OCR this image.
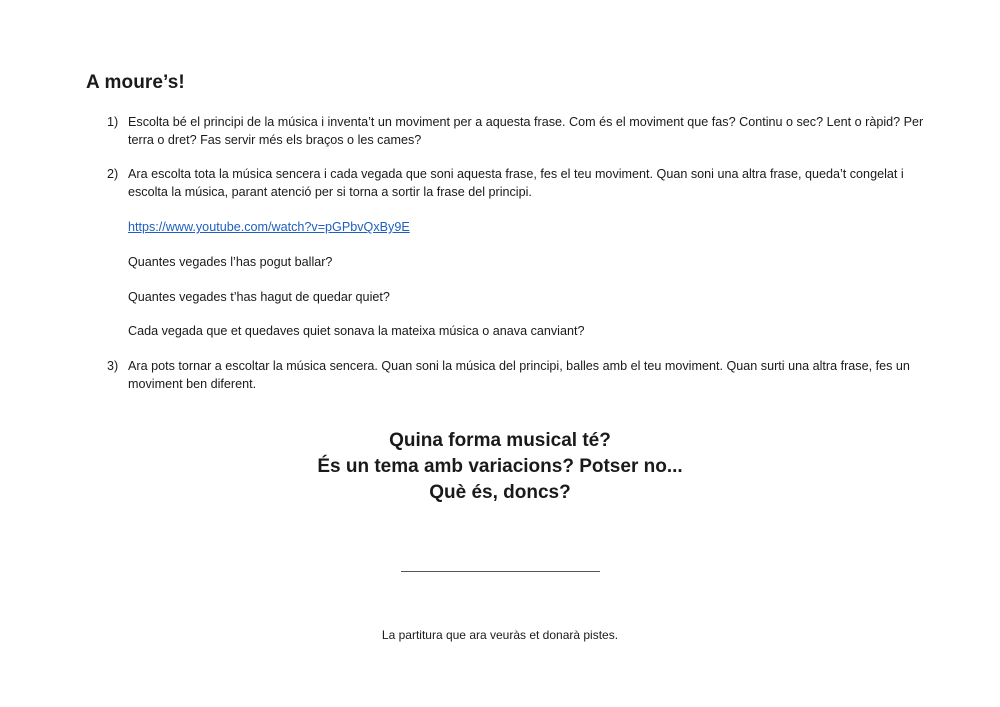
A moure’s!
1) Escolta bé el principi de la música i inventa’t un moviment per a aquesta frase. Com és el moviment que fas? Continu o sec? Lent o ràpid? Per terra o dret? Fas servir més els braços o les cames?
2) Ara escolta tota la música sencera i cada vegada que soni aquesta frase, fes el teu moviment. Quan soni una altra frase, queda’t congelat i escolta la música, parant atenció per si torna a sortir la frase del principi.
https://www.youtube.com/watch?v=pGPbvQxBy9E
Quantes vegades l’has pogut ballar?
Quantes vegades t’has hagut de quedar quiet?
Cada vegada que et quedaves quiet sonava la mateixa música o anava canviant?
3) Ara pots tornar a escoltar la música sencera. Quan soni la música del principi, balles amb el teu moviment. Quan surti una altra frase, fes un moviment ben diferent.
Quina forma musical té?
És un tema amb variacions? Potser no...
Què és, doncs?
La partitura que ara veuràs et donarà pistes.
